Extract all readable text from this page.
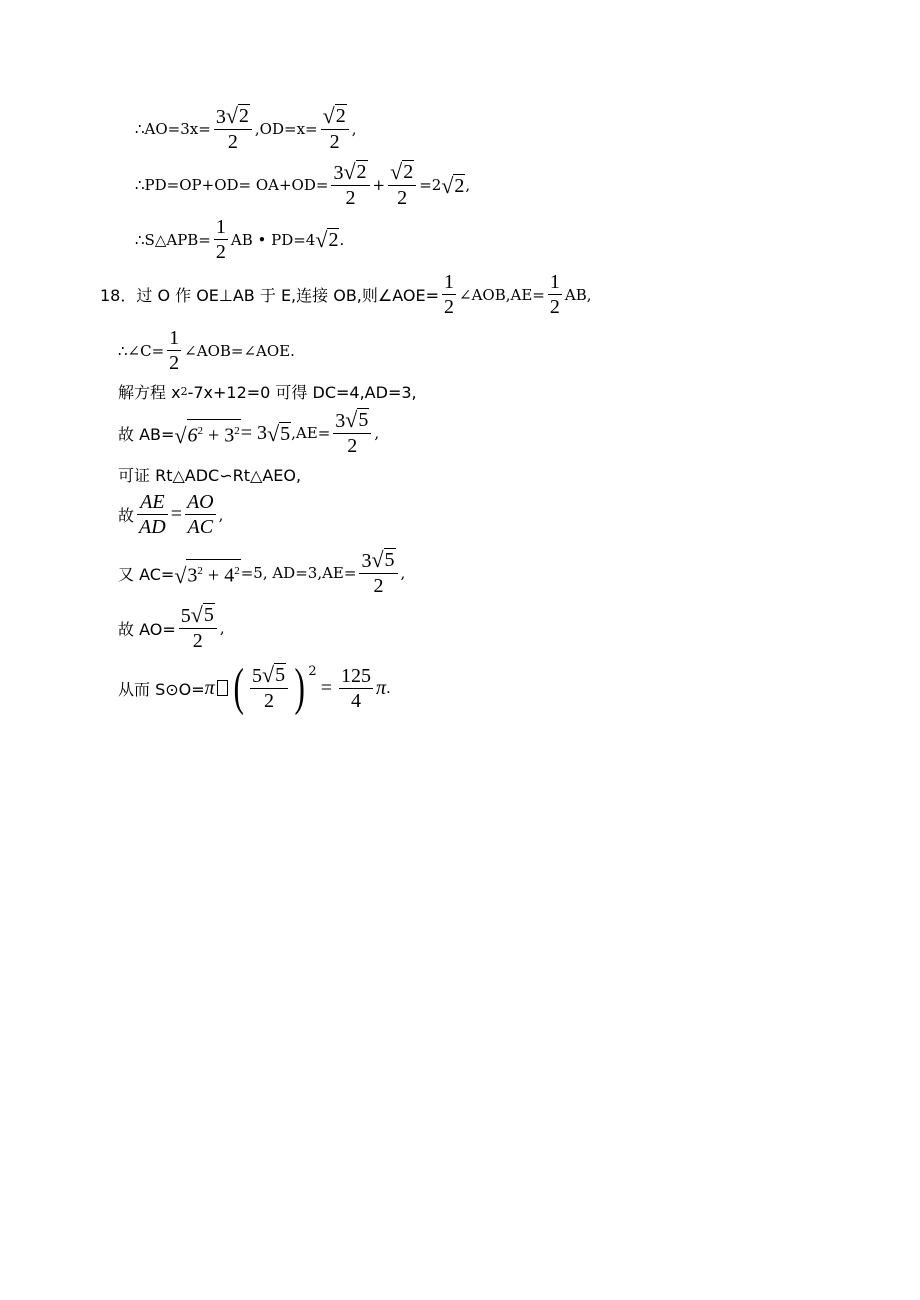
∴AO=3x= $\frac{3 √ 2}{2} ,OD=x= \frac{√ 2}{2}$ ,
∴PD=OP+OD= $OA+OD= \frac{3 √ 2}{2} + \frac{√ 2}{2} =2$ √ 2 ,
∴S△APB= $\frac{1}{2}$ AB • PD=4 √ 2 .
18．过 O 作 OE⊥AB 于 E,连接 OB,则∠AOE= $\frac{1}{2}$ ∠AOB,AE= $\frac{1}{2}$ AB,
∴∠C= $\frac{1}{2}$ ∠AOB=∠AOE.
解方程 x 2 -7x+12=0 可得 DC=4,AD=3,
故 AB= √ $6^2 + 3^2 = 3$ √ 5 $,AE= \frac{3 √ 5}{2}$ ,
可证 Rt△ADC∽Rt△AEO,
故 $\frac{AE}{AD} = \frac{AO}{AC}$ ,
又 AC= √ $3^2 + 4^2 =5$, $AD=3,AE= \frac{3 √ 5}{2}$ ,
故 $AO= \frac{5 √ 5}{2}$ ,
从而 S⊙O= π ( $\frac{5 √ 5}{2}$ ) 2
= $\frac{125}{4}$ π .
